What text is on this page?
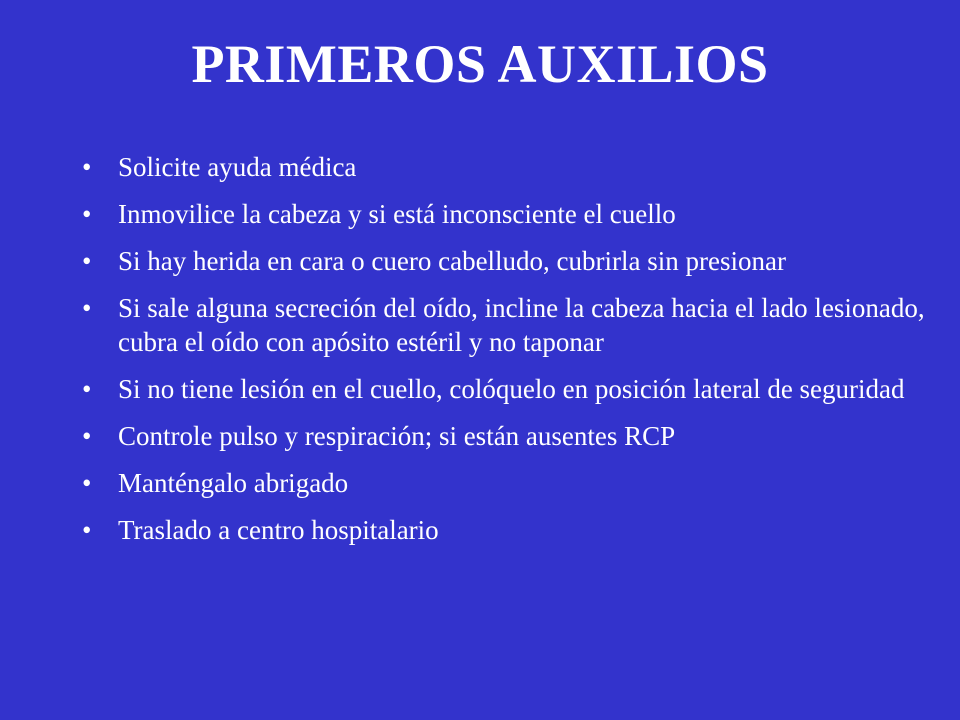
PRIMEROS AUXILIOS
• Solicite ayuda médica
• Inmovilice la cabeza y si está inconsciente el cuello
• Si hay herida en cara o cuero cabelludo, cubrirla sin presionar
• Si sale alguna secreción del oído, incline la cabeza hacia el lado lesionado, cubra el oído con apósito estéril y no taponar
• Si no tiene lesión en el cuello, colóquelo en posición lateral de seguridad
• Controle pulso y respiración; si están ausentes RCP
• Manténgalo abrigado
• Traslado a centro hospitalario
